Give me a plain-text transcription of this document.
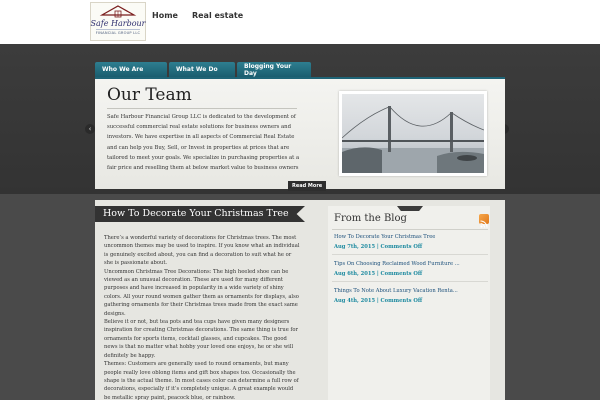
Safe Harbour
FINANCIAL GROUP LLC
Home Real estate
Who We Are	What We Do	Blogging Your Day
‹
Our Team
Safe Harbour Financial Group LLC is dedicated to the development of successful commercial real estate solutions for business owners and investors. We have expertise in all aspects of Commercial Real Estate and can help you Buy, Sell, or Invest in properties at prices that are tailored to meet your goals. We specialize in purchasing properties at a fair price and reselling them at below market value to business owners
Read More
How To Decorate Your Christmas Tree

There’s a wonderful variety of decorations for Christmas trees. The most uncommon themes may be used to inspire. If you know what an individual is genuinely excited about, you can find a decoration to suit what he or she is passionate about.

Uncommon Christmas Tree Decorations: The high heeled shoe can be viewed as an unusual decoration. These are used for many different purposes and have increased in popularity in a wide variety of shiny colors. All your round women gather them as ornaments for displays, also gathering ornaments for their Christmas trees made from the exact same designs.

Believe it or not, but tea pots and tea cups have given many designers inspiration for creating Christmas decorations. The same thing is true for ornaments for sports items, cocktail glasses, and cupcakes. The good news is that no matter what hobby your loved one enjoys, he or she will definitely be happy.

Themes: Customers are generally used to round ornaments, but many people really love oblong items and gift box shapes too. Occasionally the shape is the actual theme. In most cases color can determine a full row of decorations, especially if it’s completely unique. A great example would be metallic spray paint, peacock blue, or rainbow.

From the Blog
How To Decorate Your Christmas Tree
Aug 7th, 2015 | Comments Off
Tips On Choosing Reclaimed Wood Furniture ...
Aug 6th, 2015 | Comments Off
Things To Note About Luxury Vacation Renta...
Aug 4th, 2015 | Comments Off
